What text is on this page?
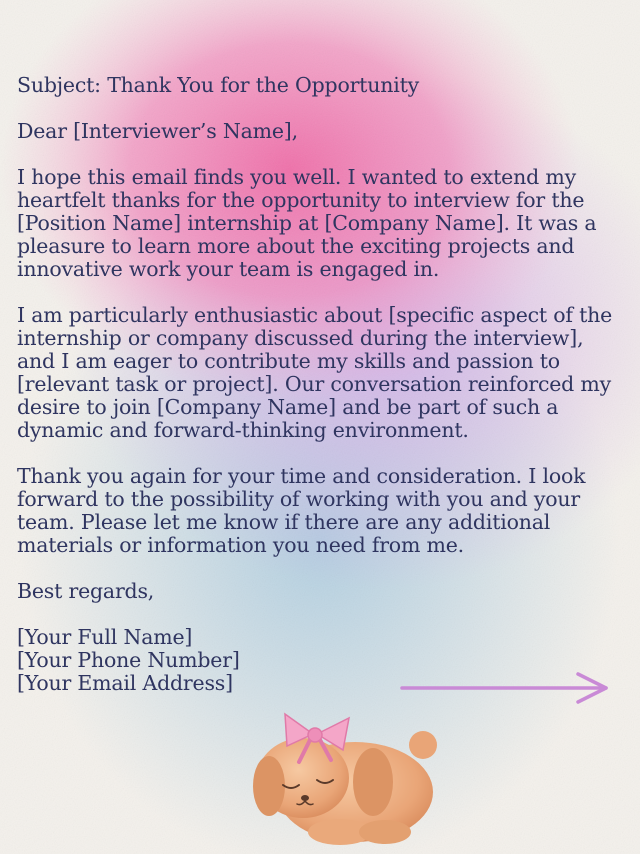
Subject: Thank You for the Opportunity

Dear [Interviewer’s Name],

I hope this email finds you well. I wanted to extend my heartfelt thanks for the opportunity to interview for the [Position Name] internship at [Company Name]. It was a pleasure to learn more about the exciting projects and innovative work your team is engaged in.

I am particularly enthusiastic about [specific aspect of the internship or company discussed during the interview], and I am eager to contribute my skills and passion to [relevant task or project]. Our conversation reinforced my desire to join [Company Name] and be part of such a dynamic and forward-thinking environment.

Thank you again for your time and consideration. I look forward to the possibility of working with you and your team. Please let me know if there are any additional materials or information you need from me.

Best regards,

[Your Full Name]
[Your Phone Number]
[Your Email Address]
